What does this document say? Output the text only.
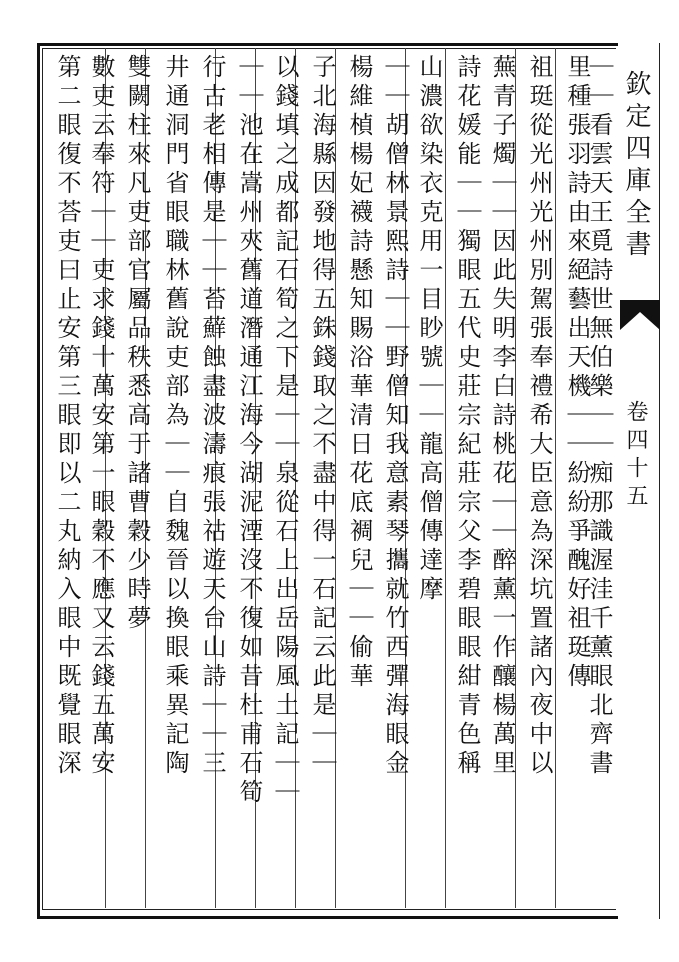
欽定四庫全書
卷四十五
｜｜看雲天王覓詩世無伯樂｜｜痴那識渥洼千薰眼北齊書
里種張羽詩由來絕藝出天機｜｜紛紛爭醜好祖珽傳
祖珽從光州光州別駕張奉禮希大臣意為深坑置諸內夜中以
蕪青子燭｜｜因此失明李白詩桃花｜｜醉薰一作釀楊萬里
詩花媛能｜｜獨眼五代史莊宗紀莊宗父李碧眼眼紺青色稱
山濃欲染衣克用一目眇號｜｜龍高僧傳達摩
｜｜胡僧林景熙詩｜｜野僧知我意素琴攜就竹西彈海眼金
楊維楨楊妃襪詩懸知賜浴華清日花底裯兒｜｜偷華
子北海縣因發地得五銖錢取之不盡中得一石記云此是｜｜
以錢填之成都記石筍之下是｜｜泉從石上出岳陽風土記｜｜
｜｜池在嵩州夾舊道潛通江海今湖泥湮沒不復如昔杜甫石筍
行古老相傳是｜｜苔蘚蝕盡波濤痕張祜遊天台山詩｜｜三
井通洞門省眼職林舊說吏部為｜｜自魏晉以換眼乘異記陶
雙闕柱來凡吏部官屬品秩悉高于諸曹穀少時夢
數吏云奉符｜｜吏求錢十萬安第一眼穀不應又云錢五萬安
第二眼復不荅吏曰止安第三眼即以二丸納入眼中既覺眼深
